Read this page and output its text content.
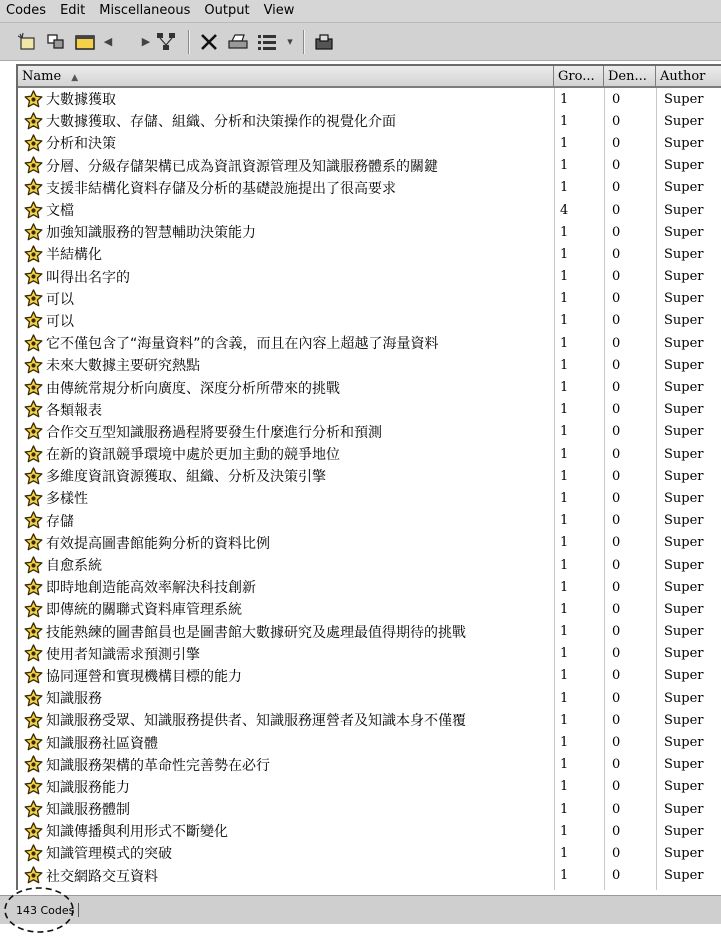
Codes	Edit	Miscellaneous	Output	View
◀	▶	▾
Name ▲	Gro...	Den...	Author
大數據獲取	1	0	Super
大數據獲取、存儲、組織、分析和決策操作的視覺化介面	1	0	Super
分析和決策	1	0	Super
分層、分級存儲架構已成為資訊資源管理及知識服務體系的關鍵	1	0	Super
支援非結構化資料存儲及分析的基礎設施提出了很高要求	1	0	Super
文檔	4	0	Super
加強知識服務的智慧輔助決策能力	1	0	Super
半結構化	1	0	Super
叫得出名字的	1	0	Super
可以	1	0	Super
可以	1	0	Super
它不僅包含了“海量資料”的含義，而且在內容上超越了海量資料	1	0	Super
未來大數據主要研究熱點	1	0	Super
由傳統常規分析向廣度、深度分析所帶來的挑戰	1	0	Super
各類報表	1	0	Super
合作交互型知識服務過程將要發生什麼進行分析和預測	1	0	Super
在新的資訊競爭環境中處於更加主動的競爭地位	1	0	Super
多維度資訊資源獲取、組織、分析及決策引擎	1	0	Super
多樣性	1	0	Super
存儲	1	0	Super
有效提高圖書館能夠分析的資料比例	1	0	Super
自愈系統	1	0	Super
即時地創造能高效率解決科技創新	1	0	Super
即傳統的關聯式資料庫管理系統	1	0	Super
技能熟練的圖書館員也是圖書館大數據研究及處理最值得期待的挑戰	1	0	Super
使用者知識需求預測引擎	1	0	Super
協同運營和實現機構目標的能力	1	0	Super
知識服務	1	0	Super
知識服務受眾、知識服務提供者、知識服務運營者及知識本身不僅覆	1	0	Super
知識服務社區資體	1	0	Super
知識服務架構的革命性完善勢在必行	1	0	Super
知識服務能力	1	0	Super
知識服務體制	1	0	Super
知識傳播與利用形式不斷變化	1	0	Super
知識管理模式的突破	1	0	Super
社交網路交互資料	1	0	Super
143 Codes
